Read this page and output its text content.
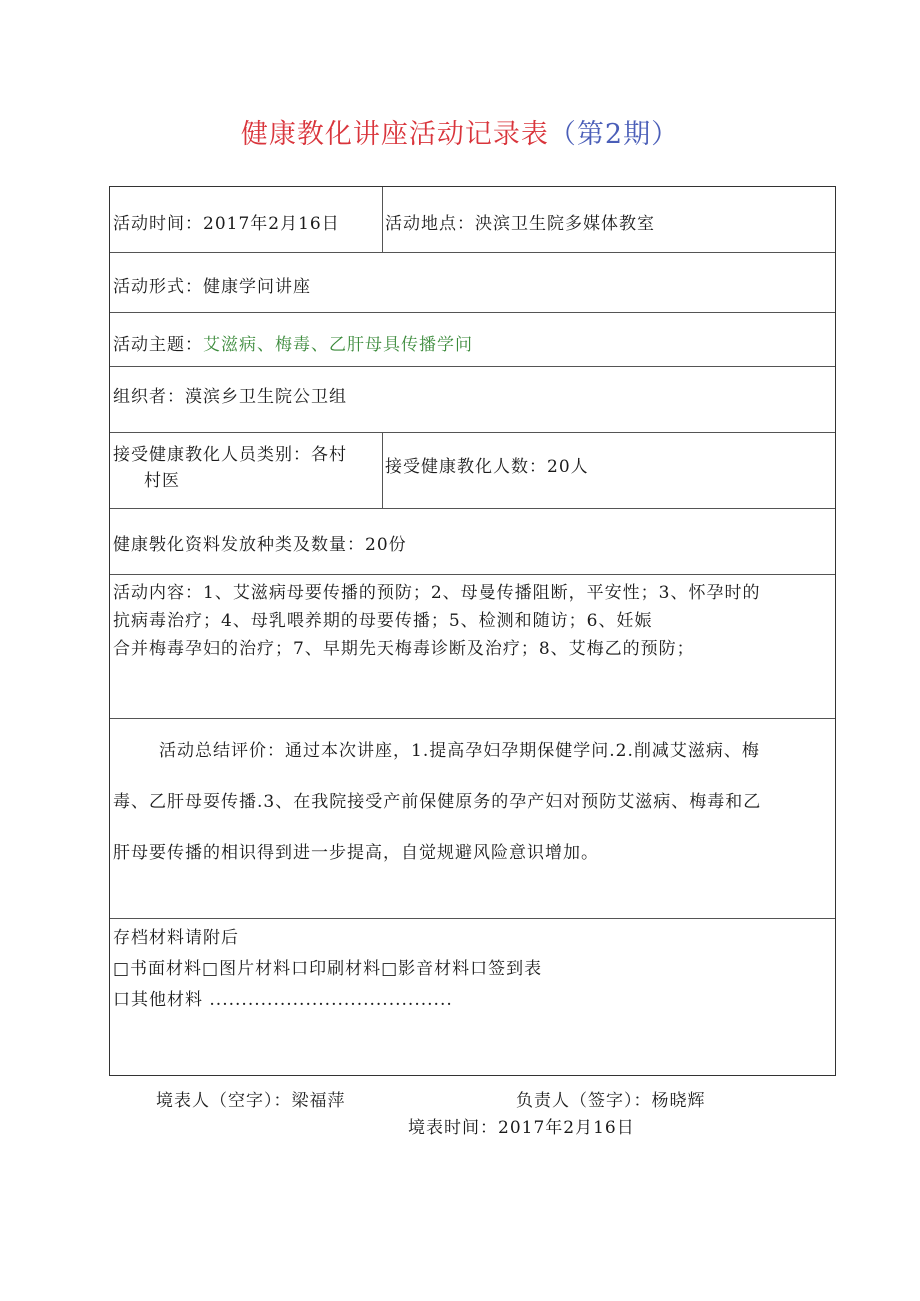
健康教化讲座活动记录表（第2期）
活动时间：2017年2月16日	活动地点：泱滨卫生院多媒体教室
活动形式：健康学问讲座
活动主题：艾滋病、梅毒、乙肝母具传播学问
组织者：漠滨乡卫生院公卫组
接受健康教化人员类别：各村
村医
接受健康教化人数：20人
健康斅化资料发放种类及数量：20份
活动内容：1、艾滋病母要传播的预防；2、母曼传播阻断，平安性；3、怀孕时的
抗病毒治疗；4、母乳喂养期的母要传播；5、检测和随访；6、妊娠
合并梅毒孕妇的治疗；7、早期先天梅毒诊断及治疗；8、艾梅乙的预防；
活动总结评价：通过本次讲座，1.提高孕妇孕期保健学问.2.削减艾滋病、梅
毒、乙肝母耍传播.3、在我院接受产前保健原务的孕产妇对预防艾滋病、梅毒和乙
肝母要传播的相识得到进一步提高，自觉规避风险意识增加。
存档材料请附后
□书面材料□图片材料口印刷材料□影音材料口签到表
口其他材料 ......................................
境表人（空字）：梁福萍	负责人（签字）：杨晓辉
境表时间：2017年2月16日
